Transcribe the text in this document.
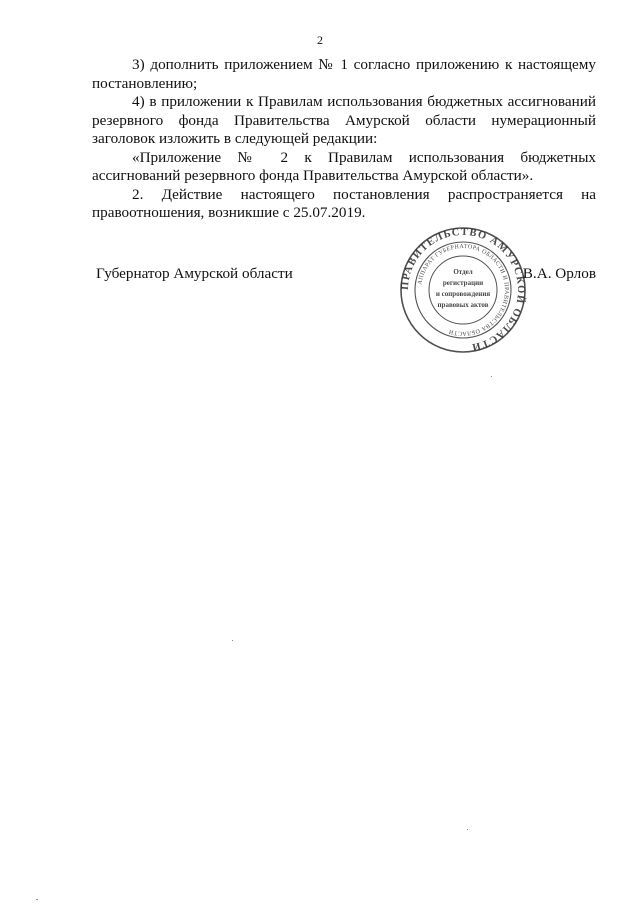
2

3) дополнить приложением № 1 согласно приложению к настоящему постановлению;

4) в приложении к Правилам использования бюджетных ассигнований резервного фонда Правительства Амурской области нумерационный заголовок изложить в следующей редакции:

«Приложение № 2 к Правилам использования бюджетных ассигнований резервного фонда Правительства Амурской области».

2. Действие настоящего постановления распространяется на правоотношения, возникшие с 25.07.2019.

Губернатор Амурской области	В.А. Орлов
ПРАВИТЕЛЬСТВО АМУРСКОЙ ОБЛАСТИ
АППАРАТ ГУБЕРНАТОРА ОБЛАСТИ И ПРАВИТЕЛЬСТВА ОБЛАСТИ
Отдел
регистрации
и сопровождения
правовых актов
